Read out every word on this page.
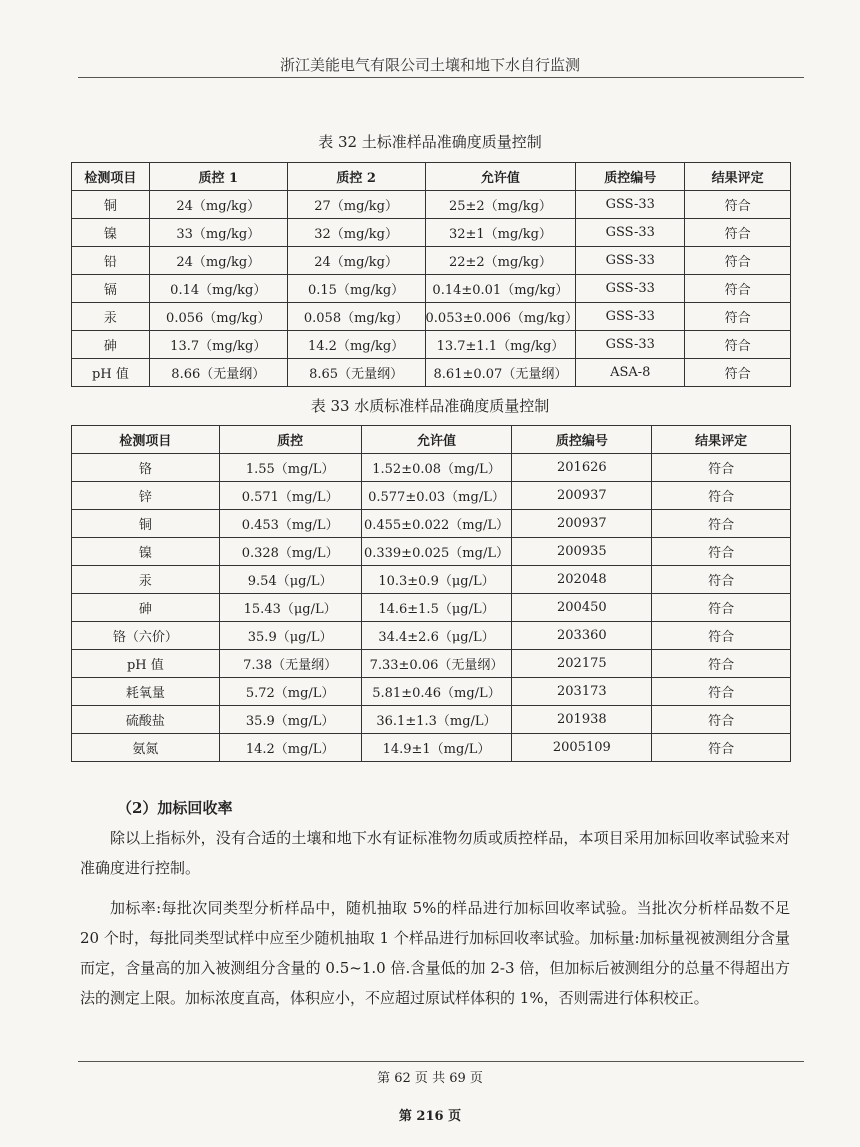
浙江美能电气有限公司土壤和地下水自行监测
表 32 土标准样品准确度质量控制
检测项目	质控 1	质控 2	允许值	质控编号	结果评定
铜	24（mg/kg）	27（mg/kg）	25±2（mg/kg）	GSS-33	符合
镍	33（mg/kg）	32（mg/kg）	32±1（mg/kg）	GSS-33	符合
铅	24（mg/kg）	24（mg/kg）	22±2（mg/kg）	GSS-33	符合
镉	0.14（mg/kg）	0.15（mg/kg）	0.14±0.01（mg/kg）	GSS-33	符合
汞	0.056（mg/kg）	0.058（mg/kg）	0.053±0.006（mg/kg）	GSS-33	符合
砷	13.7（mg/kg）	14.2（mg/kg）	13.7±1.1（mg/kg）	GSS-33	符合
pH 值	8.66（无量纲）	8.65（无量纲）	8.61±0.07（无量纲）	ASA-8	符合
表 33 水质标准样品准确度质量控制
检测项目	质控	允许值	质控编号	结果评定
铬	1.55（mg/L）	1.52±0.08（mg/L）	201626	符合
锌	0.571（mg/L）	0.577±0.03（mg/L）	200937	符合
铜	0.453（mg/L）	0.455±0.022（mg/L）	200937	符合
镍	0.328（mg/L）	0.339±0.025（mg/L）	200935	符合
汞	9.54（μg/L）	10.3±0.9（μg/L）	202048	符合
砷	15.43（μg/L）	14.6±1.5（μg/L）	200450	符合
铬（六价）	35.9（μg/L）	34.4±2.6（μg/L）	203360	符合
pH 值	7.38（无量纲）	7.33±0.06（无量纲）	202175	符合
耗氧量	5.72（mg/L）	5.81±0.46（mg/L）	203173	符合
硫酸盐	35.9（mg/L）	36.1±1.3（mg/L）	201938	符合
氨氮	14.2（mg/L）	14.9±1（mg/L）	2005109	符合
（2）加标回收率
除以上指标外，没有合适的土壤和地下水有证标准物勿质或质控样品，本项目采用加标回收率试验来对准确度进行控制。
加标率:每批次同类型分析样品中，随机抽取 5%的样品进行加标回收率试验。当批次分析样品数不足 20 个时，每批同类型试样中应至少随机抽取 1 个样品进行加标回收率试验。加标量:加标量视被测组分含量而定，含量高的加入被测组分含量的 0.5~1.0 倍.含量低的加 2-3 倍，但加标后被测组分的总量不得超出方法的测定上限。加标浓度直高，体积应小，不应超过原试样体积的 1%，否则需进行体积校正。
第 62 页 共 69 页
第 216 页
